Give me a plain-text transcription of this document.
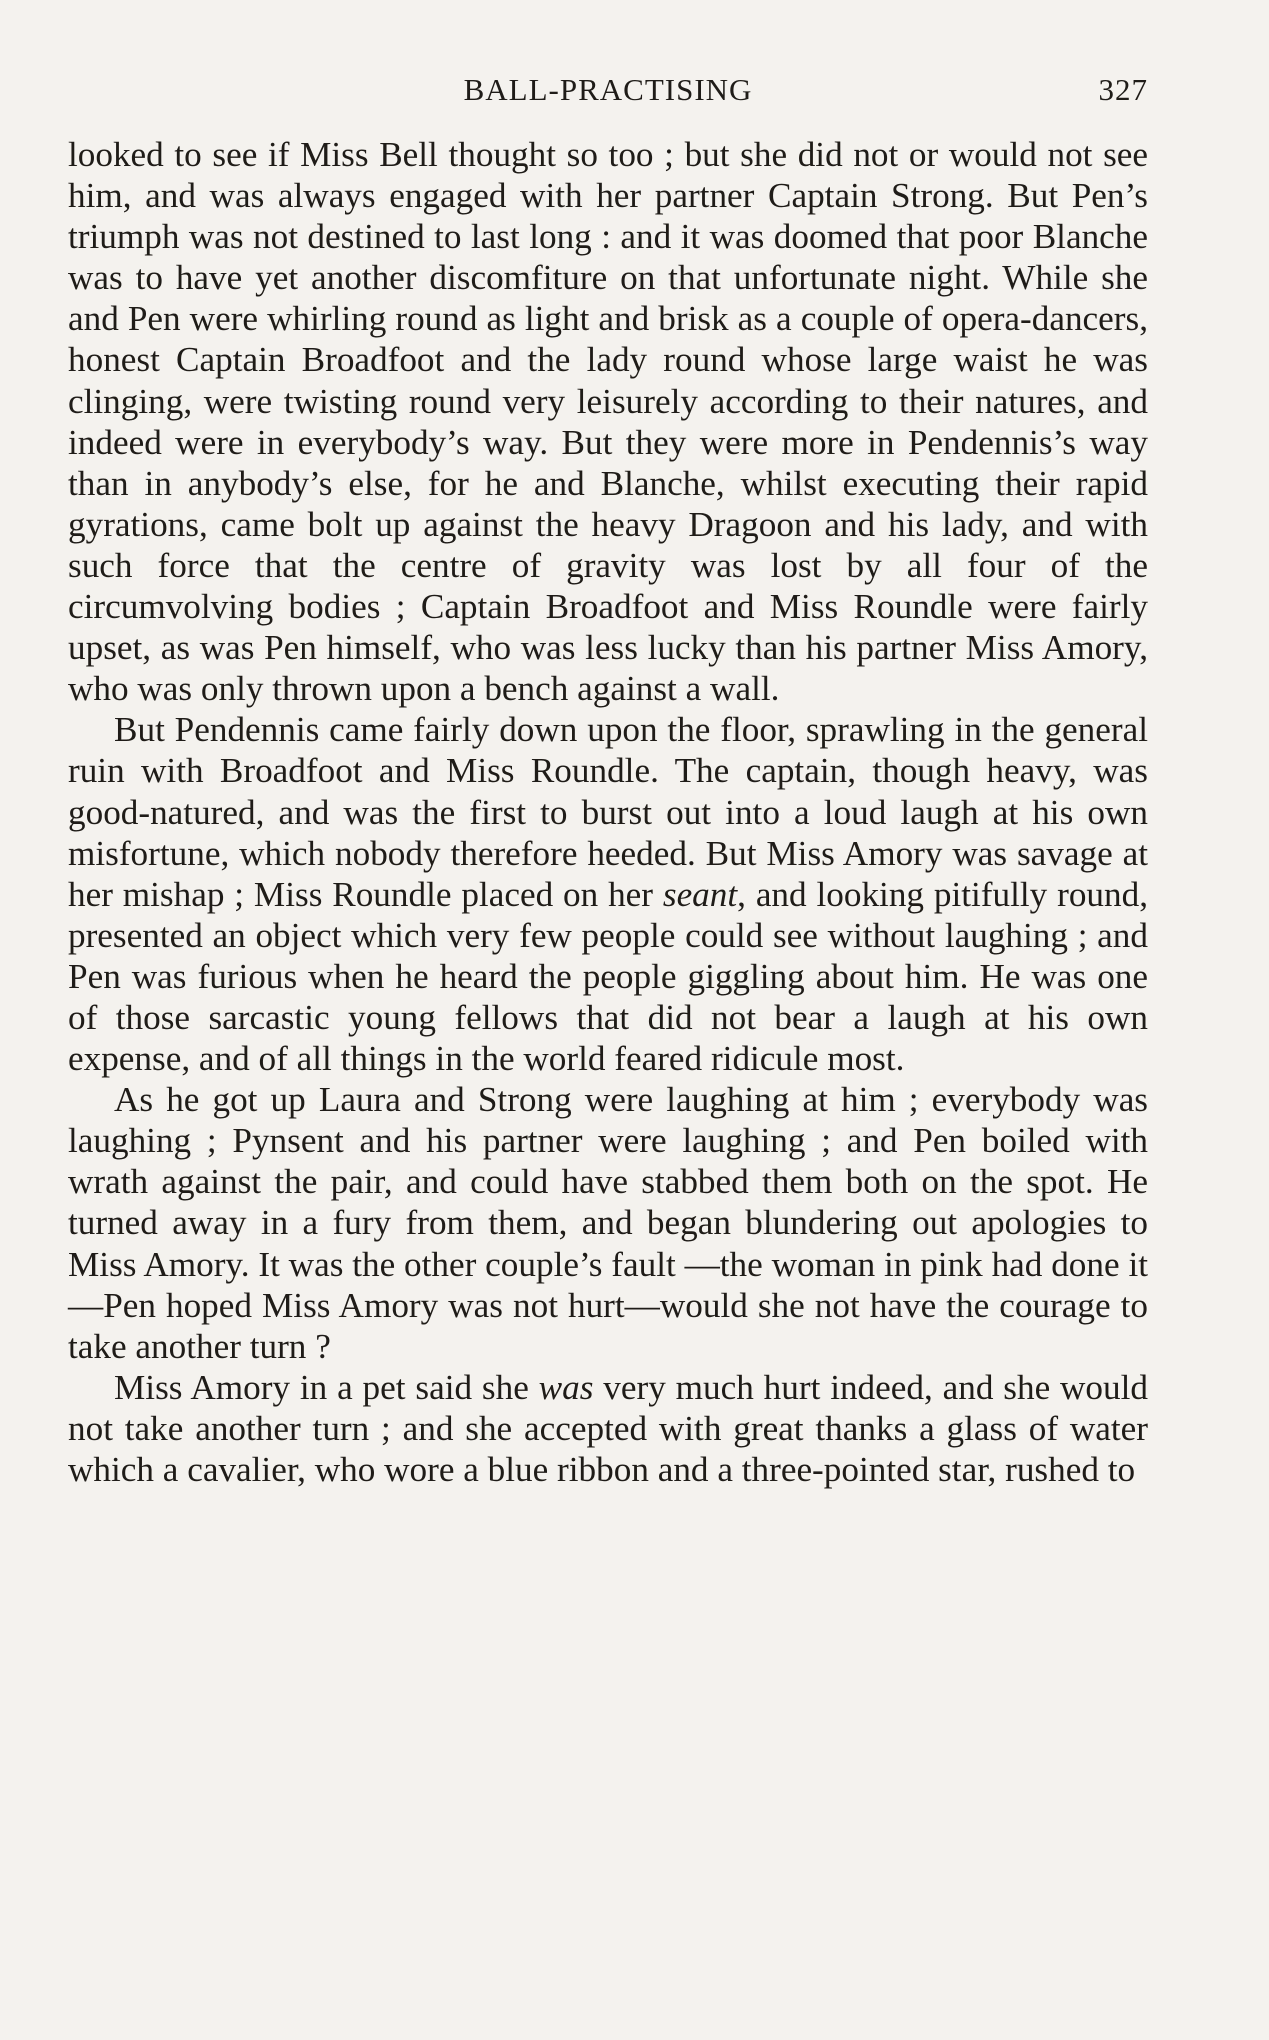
BALL-PRACTISING	327

looked to see if Miss Bell thought so too ; but she did not or would not see him, and was always engaged with her partner Captain Strong. But Pen’s triumph was not destined to last long : and it was doomed that poor Blanche was to have yet another discomfiture on that unfortunate night. While she and Pen were whirling round as light and brisk as a couple of opera-dancers, honest Captain Broadfoot and the lady round whose large waist he was clinging, were twisting round very leisurely according to their natures, and indeed were in everybody’s way. But they were more in Pendennis’s way than in anybody’s else, for he and Blanche, whilst executing their rapid gyrations, came bolt up against the heavy Dragoon and his lady, and with such force that the centre of gravity was lost by all four of the circumvolving bodies ; Captain Broadfoot and Miss Roundle were fairly upset, as was Pen himself, who was less lucky than his partner Miss Amory, who was only thrown upon a bench against a wall.

But Pendennis came fairly down upon the floor, sprawling in the general ruin with Broadfoot and Miss Roundle. The captain, though heavy, was good-natured, and was the first to burst out into a loud laugh at his own misfortune, which nobody therefore heeded. But Miss Amory was savage at her mishap ; Miss Roundle placed on her seant, and looking pitifully round, presented an object which very few people could see without laughing ; and Pen was furious when he heard the people giggling about him. He was one of those sarcastic young fellows that did not bear a laugh at his own expense, and of all things in the world feared ridicule most.

As he got up Laura and Strong were laughing at him ; everybody was laughing ; Pynsent and his partner were laughing ; and Pen boiled with wrath against the pair, and could have stabbed them both on the spot. He turned away in a fury from them, and began blundering out apologies to Miss Amory. It was the other couple’s fault —the woman in pink had done it—Pen hoped Miss Amory was not hurt—would she not have the courage to take another turn ?

Miss Amory in a pet said she was very much hurt indeed, and she would not take another turn ; and she accepted with great thanks a glass of water which a cavalier, who wore a blue ribbon and a three-pointed star, rushed to
